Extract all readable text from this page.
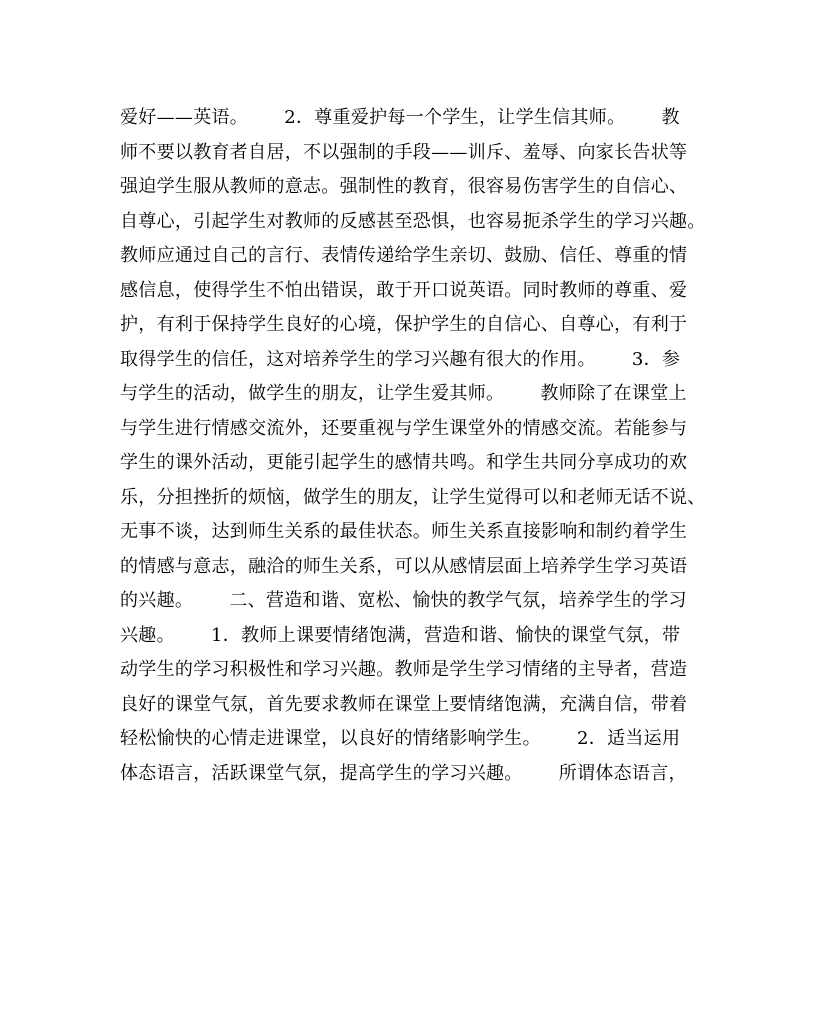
爱好——英语。      2．尊重爱护每一个学生，让学生信其师。      教
师不要以教育者自居，不以强制的手段——训斥、羞辱、向家长告状等
强迫学生服从教师的意志。强制性的教育，很容易伤害学生的自信心、
自尊心，引起学生对教师的反感甚至恐惧，也容易扼杀学生的学习兴趣。
教师应通过自己的言行、表情传递给学生亲切、鼓励、信任、尊重的情
感信息，使得学生不怕出错误，敢于开口说英语。同时教师的尊重、爱
护，有利于保持学生良好的心境，保护学生的自信心、自尊心，有利于
取得学生的信任，这对培养学生的学习兴趣有很大的作用。      3．参
与学生的活动，做学生的朋友，让学生爱其师。      教师除了在课堂上
与学生进行情感交流外，还要重视与学生课堂外的情感交流。若能参与
学生的课外活动，更能引起学生的感情共鸣。和学生共同分享成功的欢
乐，分担挫折的烦恼，做学生的朋友，让学生觉得可以和老师无话不说、
无事不谈，达到师生关系的最佳状态。师生关系直接影响和制约着学生
的情感与意志，融洽的师生关系，可以从感情层面上培养学生学习英语
的兴趣。      二、营造和谐、宽松、愉快的教学气氛，培养学生的学习
兴趣。      1．教师上课要情绪饱满，营造和谐、愉快的课堂气氛，带
动学生的学习积极性和学习兴趣。教师是学生学习情绪的主导者，营造
良好的课堂气氛，首先要求教师在课堂上要情绪饱满，充满自信，带着
轻松愉快的心情走进课堂，以良好的情绪影响学生。      2．适当运用
体态语言，活跃课堂气氛，提高学生的学习兴趣。      所谓体态语言，
